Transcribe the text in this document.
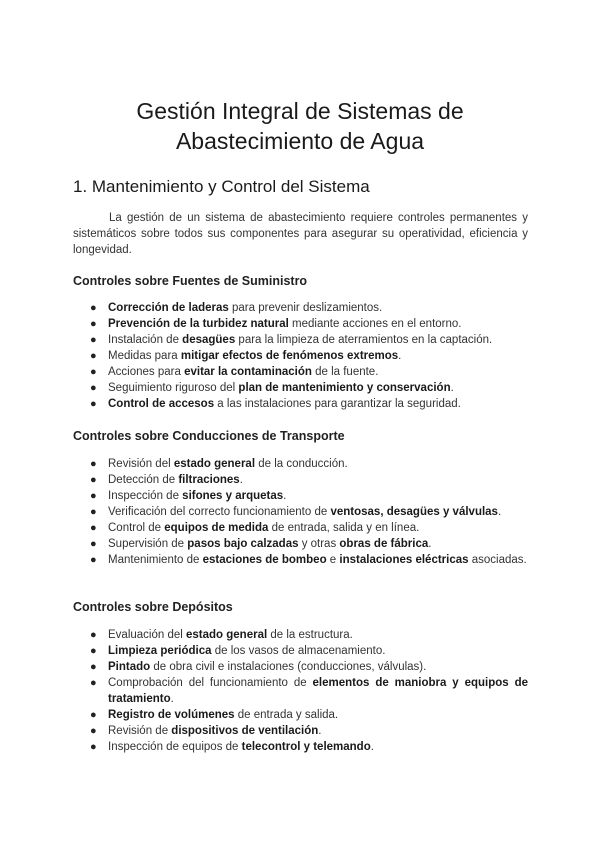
Gestión Integral de Sistemas de
Abastecimiento de Agua
1. Mantenimiento y Control del Sistema

La gestión de un sistema de abastecimiento requiere controles permanentes y sistemáticos sobre todos sus componentes para asegurar su operatividad, eficiencia y longevidad.

Controles sobre Fuentes de Suministro
● Corrección de laderas para prevenir deslizamientos.
● Prevención de la turbidez natural mediante acciones en el entorno.
● Instalación de desagües para la limpieza de aterramientos en la captación.
● Medidas para mitigar efectos de fenómenos extremos.
● Acciones para evitar la contaminación de la fuente.
● Seguimiento riguroso del plan de mantenimiento y conservación.
● Control de accesos a las instalaciones para garantizar la seguridad.
Controles sobre Conducciones de Transporte
● Revisión del estado general de la conducción.
● Detección de filtraciones.
● Inspección de sifones y arquetas.
● Verificación del correcto funcionamiento de ventosas, desagües y válvulas.
● Control de equipos de medida de entrada, salida y en línea.
● Supervisión de pasos bajo calzadas y otras obras de fábrica.
● Mantenimiento de estaciones de bombeo e instalaciones eléctricas asociadas.
Controles sobre Depósitos
● Evaluación del estado general de la estructura.
● Limpieza periódica de los vasos de almacenamiento.
● Pintado de obra civil e instalaciones (conducciones, válvulas).
● Comprobación del funcionamiento de elementos de maniobra y equipos de tratamiento.
● Registro de volúmenes de entrada y salida.
● Revisión de dispositivos de ventilación.
● Inspección de equipos de telecontrol y telemando.
